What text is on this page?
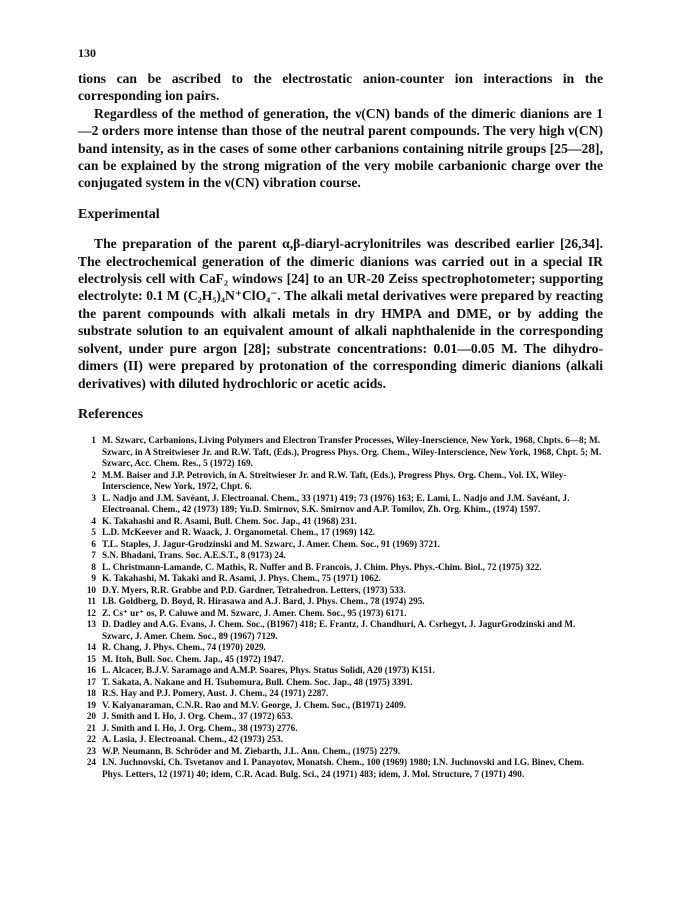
130

tions can be ascribed to the electrostatic anion-counter ion interactions in the corresponding ion pairs.

Regardless of the method of generation, the ν(CN) bands of the dimeric dianions are 1—2 orders more intense than those of the neutral parent compounds. The very high ν(CN) band intensity, as in the cases of some other carbanions containing nitrile groups [25—28], can be explained by the strong migration of the very mobile carbanionic charge over the conjugated system in the ν(CN) vibration course.

Experimental

The preparation of the parent α,β-diaryl-acrylonitriles was described earlier [26,34]. The electrochemical generation of the dimeric dianions was carried out in a special IR electrolysis cell with CaF₂ windows [24] to an UR-20 Zeiss spectrophotometer; supporting electrolyte: 0.1 M (C₂H₅)₄N⁺ClO₄⁻. The alkali metal derivatives were prepared by reacting the parent compounds with alkali metals in dry HMPA and DME, or by adding the substrate solution to an equivalent amount of alkali naphthalenide in the corresponding solvent, under pure argon [28]; substrate concentrations: 0.01—0.05 M. The dihydro-dimers (II) were prepared by protonation of the corresponding dimeric dianions (alkali derivatives) with diluted hydrochloric or acetic acids.

References
1 M. Szwarc, Carbanions, Living Polymers and Electron Transfer Processes, Wiley-Inerscience, New York, 1968, Chpts. 6—8; M. Szwarc, in A Streitwieser Jr. and R.W. Taft, (Eds.), Progress Phys. Org. Chem., Wiley-Interscience, New York, 1968, Chpt. 5; M. Szwarc, Acc. Chem. Res., 5 (1972) 169.
2 M.M. Baiser and J.P. Petrovich, in A. Streitwieser Jr. and R.W. Taft, (Eds.), Progress Phys. Org. Chem., Vol. IX, Wiley-Interscience, New York, 1972, Chpt. 6.
3 L. Nadjo and J.M. Savéant, J. Electroanal. Chem., 33 (1971) 419; 73 (1976) 163; E. Lami, L. Nadjo and J.M. Savéant, J. Electroanal. Chem., 42 (1973) 189; Yu.D. Smirnov, S.K. Smirnov and A.P. Tomilov, Zh. Org. Khim., (1974) 1597.
4 K. Takahashi and R. Asami, Bull. Chem. Soc. Jap., 41 (1968) 231.
5 L.D. McKeever and R. Waack, J. Organometal. Chem., 17 (1969) 142.
6 T.L. Staples, J. Jagur-Grodzinski and M. Szwarc, J. Amer. Chem. Soc., 91 (1969) 3721.
7 S.N. Bhadani, Trans. Soc. A.E.S.T., 8 (9173) 24.
8 L. Christmann-Lamande, C. Mathis, R. Nuffer and B. Francois, J. Chim. Phys. Phys.-Chim. Biol., 72 (1975) 322.
9 K. Takahashi, M. Takaki and R. Asami, J. Phys. Chem., 75 (1971) 1062.
10 D.Y. Myers, R.R. Grabbe and P.D. Gardner, Tetrahedron. Letters, (1973) 533.
11 I.B. Goldberg, D. Boyd, R. Hirasawa and A.J. Bard, J. Phys. Chem., 78 (1974) 295.
12 Z. Cs⁺ ur⁺ os, P. Caluwe and M. Szwarc, J. Amer. Chem. Soc., 95 (1973) 6171.
13 D. Dadley and A.G. Evans, J. Chem. Soc., (B1967) 418; E. Frantz, J. Chandhuri, A. Csrhegyt, J. JagurGrodzinski and M. Szwarc, J. Amer. Chem. Soc., 89 (1967) 7129.
14 R. Chang, J. Phys. Chem., 74 (1970) 2029.
15 M. Itoh, Bull. Soc. Chem. Jap., 45 (1972) 1947.
16 L. Alcacer, B.J.V. Saramago and A.M.P. Soares, Phys. Status Solidi, A20 (1973) K151.
17 T. Sakata, A. Nakane and H. Tsubomura, Bull. Chem. Soc. Jap., 48 (1975) 3391.
18 R.S. Hay and P.J. Pomery, Aust. J. Chem., 24 (1971) 2287.
19 V. Kalyanaraman, C.N.R. Rao and M.V. George, J. Chem. Soc., (B1971) 2409.
20 J. Smith and I. Ho, J. Org. Chem., 37 (1972) 653.
21 J. Smith and I. Ho, J. Org. Chem., 38 (1973) 2776.
22 A. Lasia, J. Electroanal. Chem., 42 (1973) 253.
23 W.P. Neumann, B. Schröder and M. Ziebarth, J.L. Ann. Chem., (1975) 2279.
24 I.N. Juchnovski, Ch. Tsvetanov and I. Panayotov, Monatsh. Chem., 100 (1969) 1980; I.N. Juchnovski and I.G. Binev, Chem. Phys. Letters, 12 (1971) 40; idem, C.R. Acad. Bulg. Sci., 24 (1971) 483; idem, J. Mol. Structure, 7 (1971) 490.
